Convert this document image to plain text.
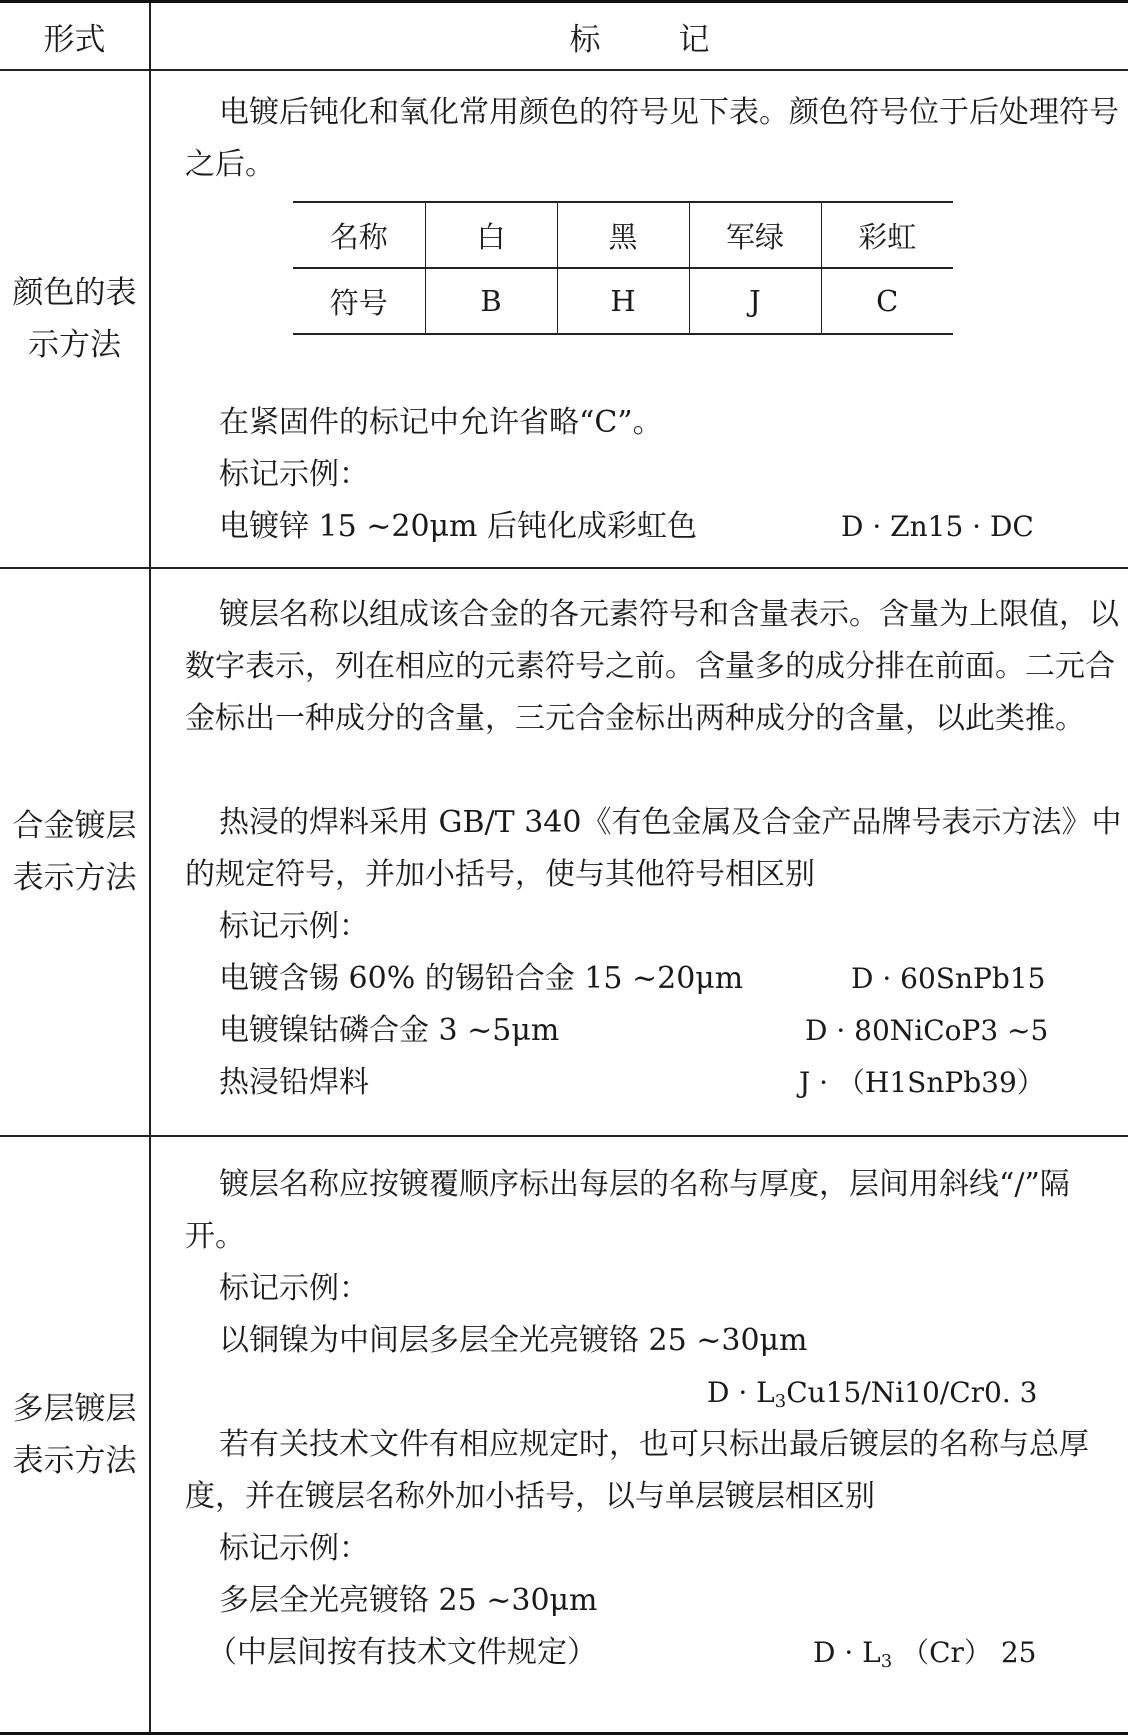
形式	标记

颜色的表
示方法

电镀后钝化和氧化常用颜色的符号见下表。颜色符号位于后处理符号之后。
名称	白	黑	军绿	彩虹
符号	B	H	J	C
在紧固件的标记中允许省略“C”。
标记示例：
电镀锌 15 ~20μm 后钝化成彩虹色	D · Zn15 · DC

合金镀层
表示方法

镀层名称以组成该合金的各元素符号和含量表示。含量为上限值，以数字表示，列在相应的元素符号之前。含量多的成分排在前面。二元合金标出一种成分的含量，三元合金标出两种成分的含量，以此类推。
热浸的焊料采用 GB/T 340《有色金属及合金产品牌号表示方法》中的规定符号，并加小括号，使与其他符号相区别
标记示例：
电镀含锡 60% 的锡铅合金 15 ~20μm	D · 60SnPb15
电镀镍钴磷合金 3 ~5μm	D · 80NiCoP3 ~5
热浸铅焊料	J · （H1SnPb39）

多层镀层
表示方法

镀层名称应按镀覆顺序标出每层的名称与厚度，层间用斜线“/”隔开。
标记示例：
以铜镍为中间层多层全光亮镀铬 25 ~30μm
$D \cdot L_3Cu15/Ni10/Cr0$. 3
若有关技术文件有相应规定时，也可只标出最后镀层的名称与总厚度，并在镀层名称外加小括号，以与单层镀层相区别
标记示例：
多层全光亮镀铬 25 ~30μm
（中层间按有技术文件规定）	$D \cdot L_3$ （Cr） 25
